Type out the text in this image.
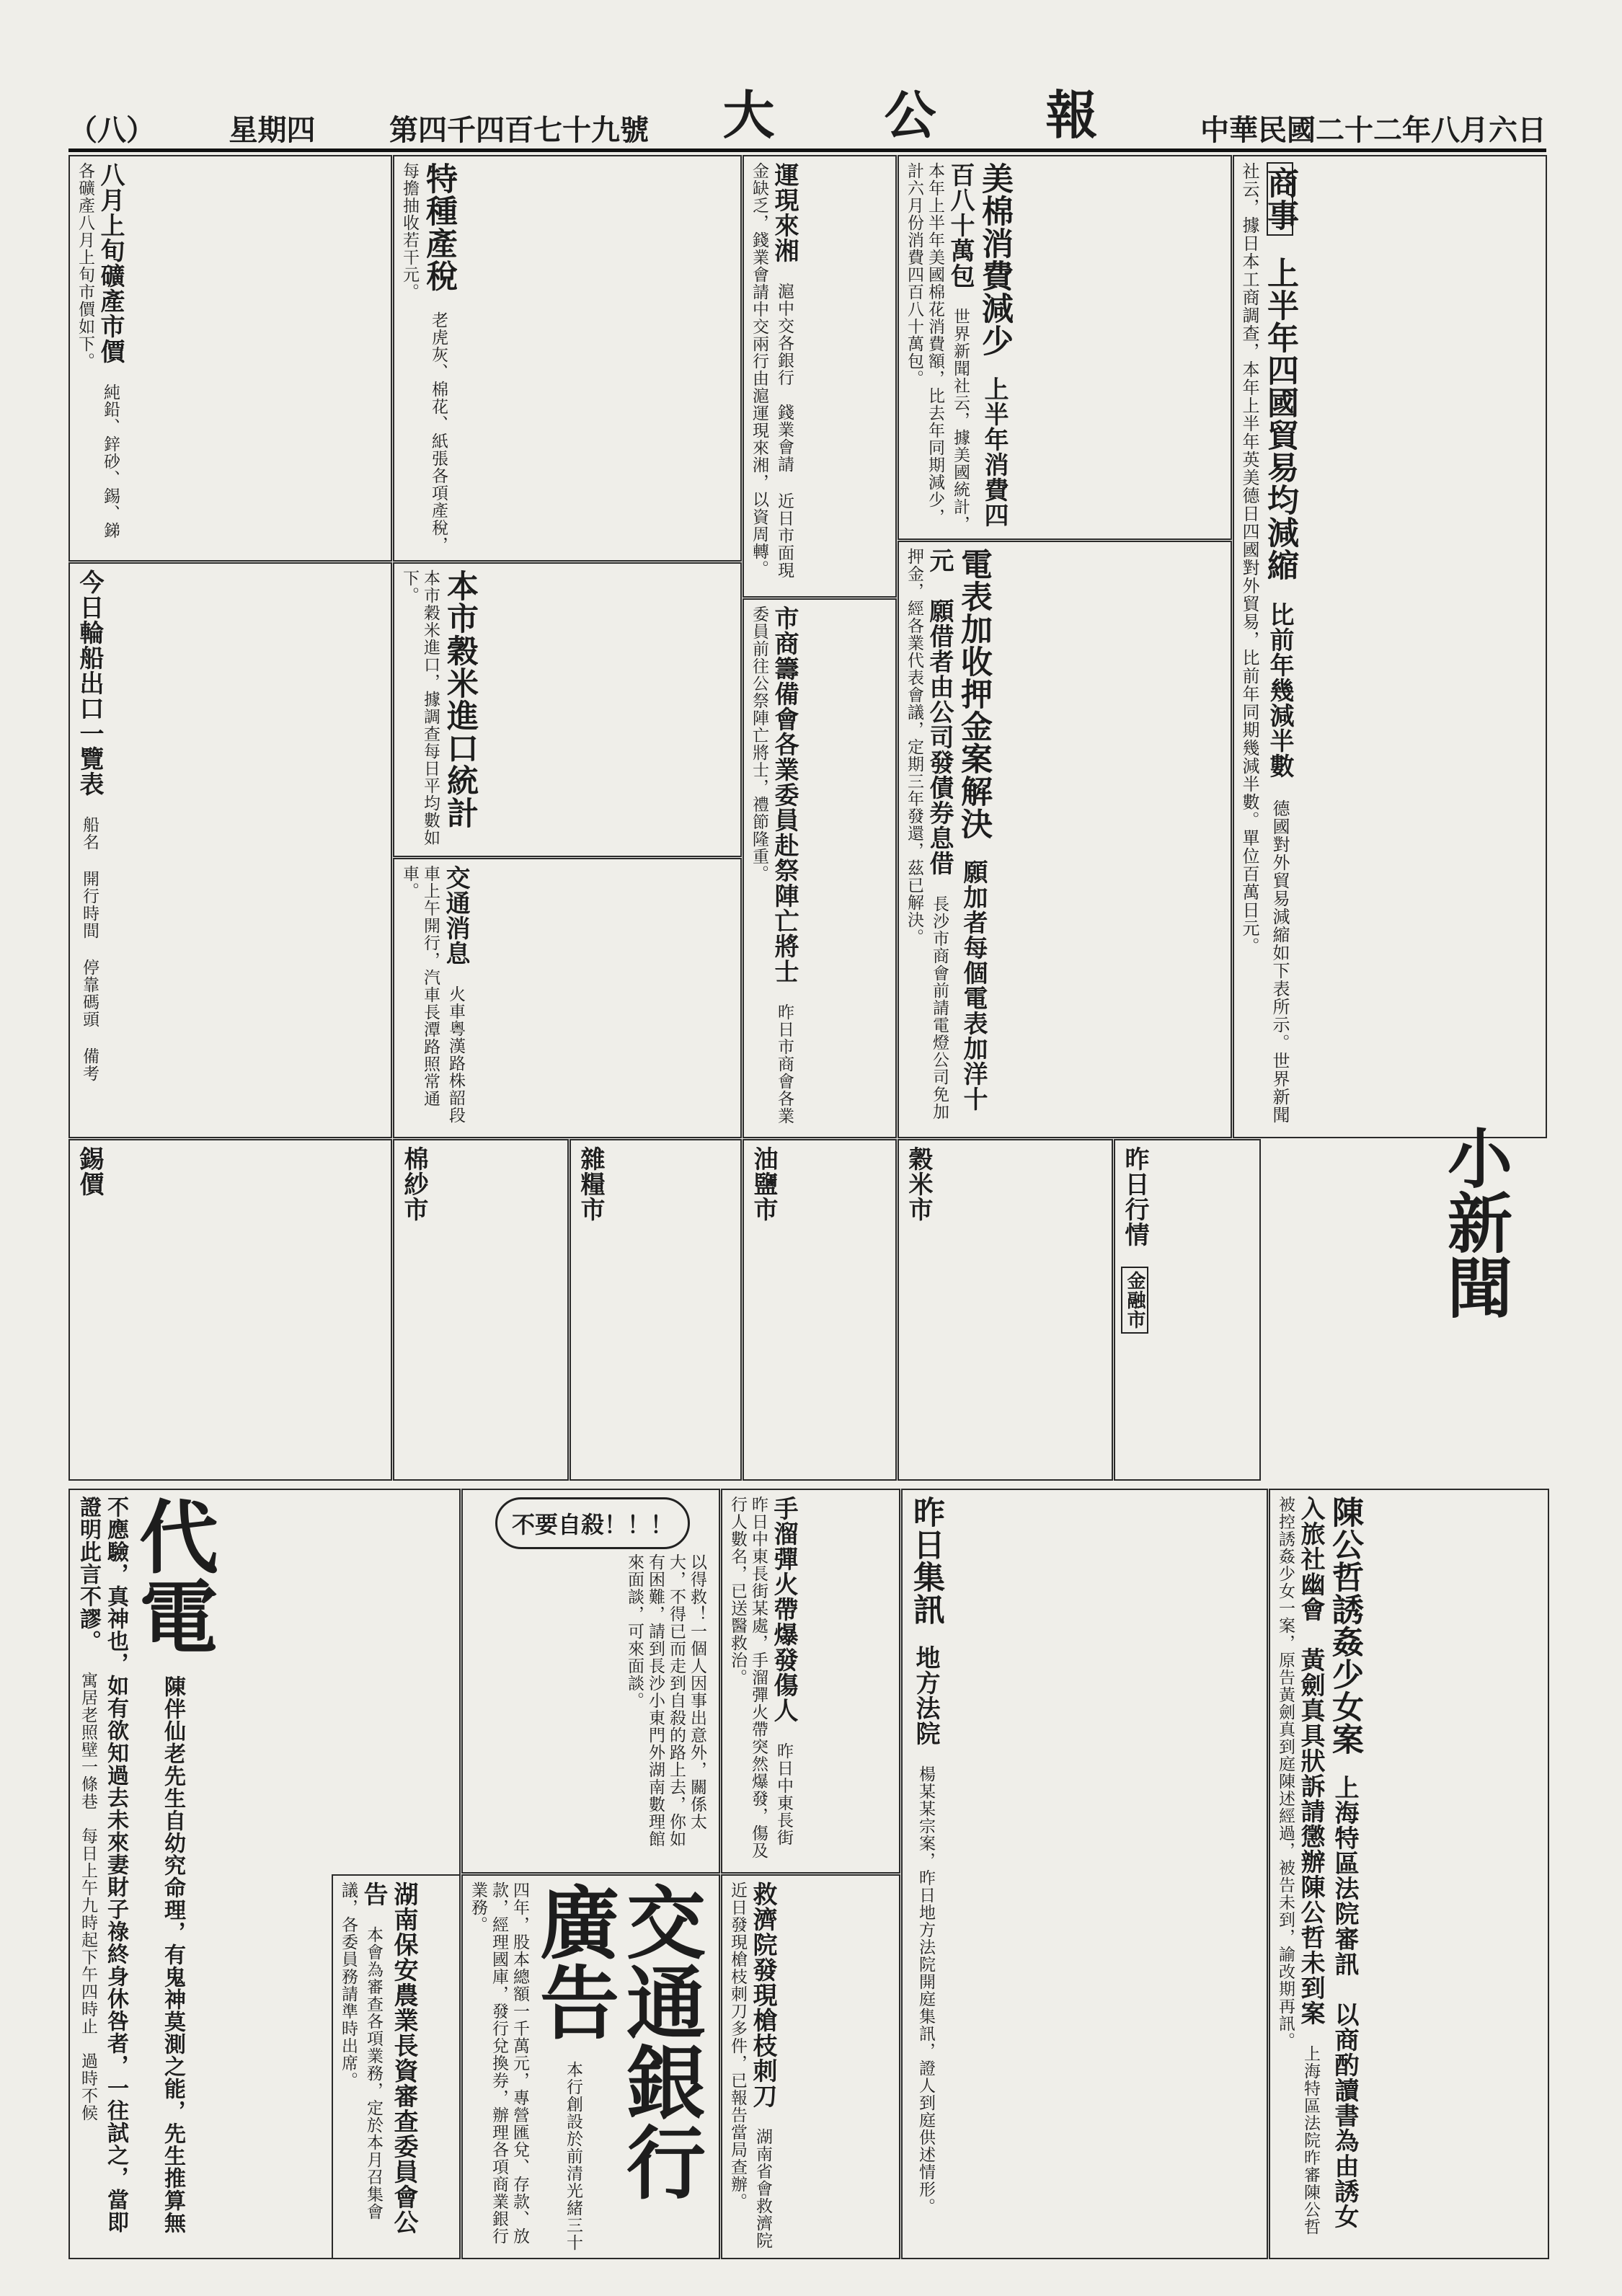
中華民國二十二年八月六日
大　公　報
第四千四百七十九號
星期四
（八）
商事 上半年四國貿易均減縮 比前年幾減半數 德國對外貿易減縮如下表所示。世界新聞社云，據日本工商調查，本年上半年英美德日四國對外貿易，比前年同期幾減半數。單位百萬日元。
美棉消費減少 上半年消費四百八十萬包 世界新聞社云，據美國統計，本年上半年美國棉花消費額，比去年同期減少，計六月份消費四百八十萬包。
電表加收押金案解決 願加者每個電表加洋十元　願借者由公司發債券息借 長沙市商會前請電燈公司免加押金，經各業代表會議，定期三年發還，茲已解決。
運現來湘 滬中交各銀行　錢業會請 近日市面現金缺乏，錢業會請中交兩行由滬運現來湘，以資周轉。
市商籌備會各業委員赴祭陣亡將士 昨日市商會各業委員前往公祭陣亡將士，禮節隆重。
特種產稅 老虎灰、棉花、紙張各項產稅，每擔抽收若干元。
本市穀米進口統計 本市穀米進口，據調查每日平均數如下。
交通消息 火車粵漢路株韶段車上午開行，汽車長潭路照常通車。
八月上旬礦產市價 純鉛、鋅砂、錫、銻各礦產八月上旬市價如下。
今日輪船出口一覽表 船名 開行時間 停靠碼頭 備考
昨日行情 金融市
穀米市
油鹽市
雜糧市
棉紗市
錫價	小新聞
陳公哲誘姦少女案 上海特區法院審訊　以商酌讀書為由誘女入旅社幽會　黃劍真具狀訴請懲辦陳公哲未到案 上海特區法院昨審陳公哲被控誘姦少女一案，原告黃劍真到庭陳述經過，被告未到，諭改期再訊。
昨日集訊 地方法院 楊某某宗案，昨日地方法院開庭集訊，證人到庭供述情形。
手溜彈火帶爆發傷人 昨日中東長街 昨日中東長街某處，手溜彈火帶突然爆發，傷及行人數名，已送醫救治。
救濟院發現槍枝刺刀 湖南省會救濟院近日發現槍枝刺刀多件，已報告當局查辦。
不要自殺！！！
以得救！一個人因事出意外，關係太大，不得已而走到自殺的路上去，你如有困難，請到長沙小東門外湖南數理館來面談，可來面談。
交通銀行廣告 本行創設於前清光緒三十四年，股本總額一千萬元，專營匯兌、存款、放款，經理國庫，發行兌換券，辦理各項商業銀行業務。
代電 陳伴仙老先生自幼究命理，有鬼神莫測之能，先生推算無不應驗，真神也，如有欲知過去未來妻財子祿終身休咎者，一往試之，當即證明此言不謬。 寓居老照壁一條巷　每日上午九時起下午四時止　過時不候	湖南保安農業長資審查委員會公告 本會為審查各項業務，定於本月召集會議，各委員務請準時出席。
